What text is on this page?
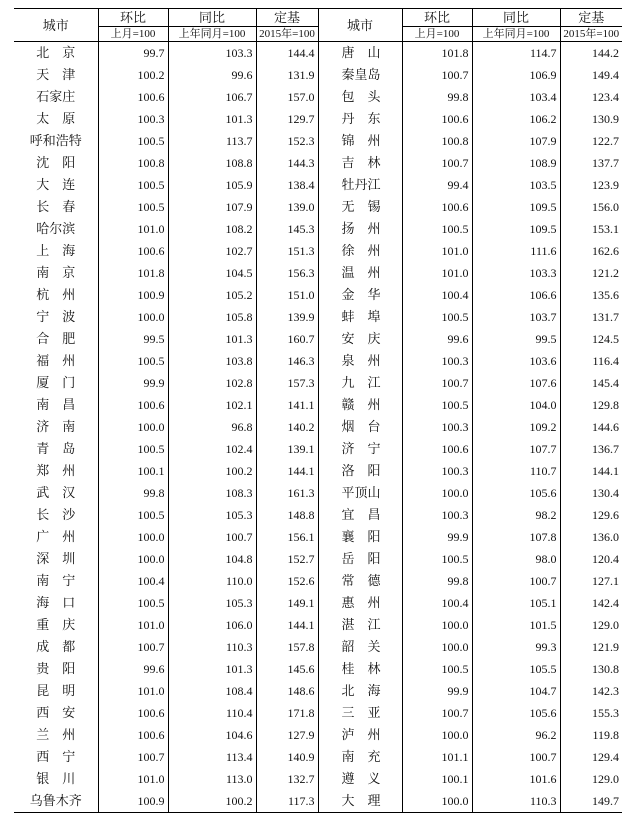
城市	环比	同比	定基	城市	环比	同比	定基
	上月=100	上年同月=100	2015年=100		上月=100	上年同月=100	2015年=100
北　京	99.7	103.3	144.4	唐　山	101.8	114.7	144.2
天　津	100.2	99.6	131.9	秦皇岛	100.7	106.9	149.4
石家庄	100.6	106.7	157.0	包　头	99.8	103.4	123.4
太　原	100.3	101.3	129.7	丹　东	100.6	106.2	130.9
呼和浩特	100.5	113.7	152.3	锦　州	100.8	107.9	122.7
沈　阳	100.8	108.8	144.3	吉　林	100.7	108.9	137.7
大　连	100.5	105.9	138.4	牡丹江	99.4	103.5	123.9
长　春	100.5	107.9	139.0	无　锡	100.6	109.5	156.0
哈尔滨	101.0	108.2	145.3	扬　州	100.5	109.5	153.1
上　海	100.6	102.7	151.3	徐　州	101.0	111.6	162.6
南　京	101.8	104.5	156.3	温　州	101.0	103.3	121.2
杭　州	100.9	105.2	151.0	金　华	100.4	106.6	135.6
宁　波	100.0	105.8	139.9	蚌　埠	100.5	103.7	131.7
合　肥	99.5	101.3	160.7	安　庆	99.6	99.5	124.5
福　州	100.5	103.8	146.3	泉　州	100.3	103.6	116.4
厦　门	99.9	102.8	157.3	九　江	100.7	107.6	145.4
南　昌	100.6	102.1	141.1	赣　州	100.5	104.0	129.8
济　南	100.0	96.8	140.2	烟　台	100.3	109.2	144.6
青　岛	100.5	102.4	139.1	济　宁	100.6	107.7	136.7
郑　州	100.1	100.2	144.1	洛　阳	100.3	110.7	144.1
武　汉	99.8	108.3	161.3	平顶山	100.0	105.6	130.4
长　沙	100.5	105.3	148.8	宜　昌	100.3	98.2	129.6
广　州	100.0	100.7	156.1	襄　阳	99.9	107.8	136.0
深　圳	100.0	104.8	152.7	岳　阳	100.5	98.0	120.4
南　宁	100.4	110.0	152.6	常　德	99.8	100.7	127.1
海　口	100.5	105.3	149.1	惠　州	100.4	105.1	142.4
重　庆	101.0	106.0	144.1	湛　江	100.0	101.5	129.0
成　都	100.7	110.3	157.8	韶　关	100.0	99.3	121.9
贵　阳	99.6	101.3	145.6	桂　林	100.5	105.5	130.8
昆　明	101.0	108.4	148.6	北　海	99.9	104.7	142.3
西　安	100.6	110.4	171.8	三　亚	100.7	105.6	155.3
兰　州	100.6	104.6	127.9	泸　州	100.0	96.2	119.8
西　宁	100.7	113.4	140.9	南　充	101.1	100.7	129.4
银　川	101.0	113.0	132.7	遵　义	100.1	101.6	129.0
乌鲁木齐	100.9	100.2	117.3	大　理	100.0	110.3	149.7
